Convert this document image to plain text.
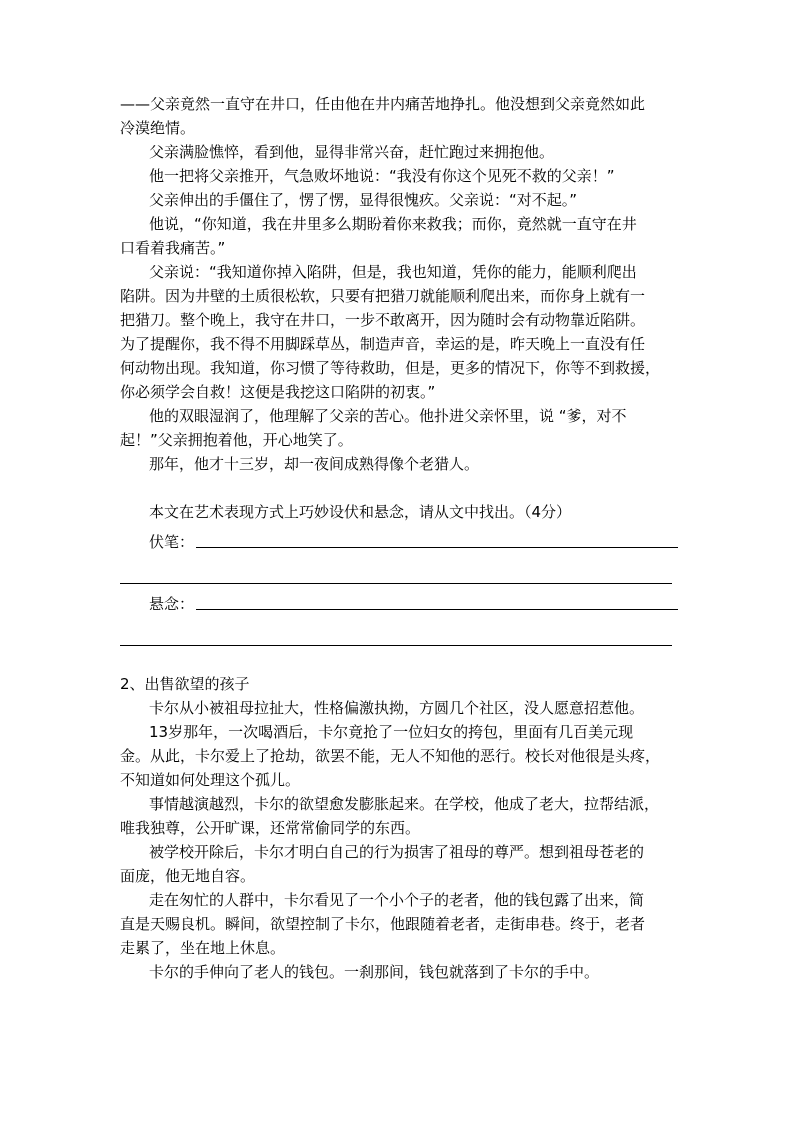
——父亲竟然一直守在井口，任由他在井内痛苦地挣扎。他没想到父亲竟然如此

冷漠绝情。

父亲满脸憔悴，看到他，显得非常兴奋，赶忙跑过来拥抱他。

他一把将父亲推开，气急败坏地说：“我没有你这个见死不救的父亲！”

父亲伸出的手僵住了，愣了愣，显得很愧疚。父亲说：“对不起。”

他说，“你知道，我在井里多么期盼着你来救我；而你，竟然就一直守在井

口看着我痛苦。”

父亲说：“我知道你掉入陷阱，但是，我也知道，凭你的能力，能顺利爬出

陷阱。因为井壁的土质很松软，只要有把猎刀就能顺利爬出来，而你身上就有一

把猎刀。整个晚上，我守在井口，一步不敢离开，因为随时会有动物靠近陷阱。

为了提醒你，我不得不用脚踩草丛，制造声音，幸运的是，昨天晚上一直没有任

何动物出现。我知道，你习惯了等待救助，但是，更多的情况下，你等不到救援，

你必须学会自救！这便是我挖这口陷阱的初衷。”

他的双眼湿润了，他理解了父亲的苦心。他扑进父亲怀里，说 “爹，对不

起！”父亲拥抱着他，开心地笑了。

那年，他才十三岁，却一夜间成熟得像个老猎人。

本文在艺术表现方式上巧妙设伏和悬念，请从文中找出。（4分）

伏笔：
悬念：

2、出售欲望的孩子

卡尔从小被祖母拉扯大，性格偏激执拗，方圆几个社区，没人愿意招惹他。

13岁那年，一次喝酒后，卡尔竟抢了一位妇女的挎包，里面有几百美元现

金。从此，卡尔爱上了抢劫，欲罢不能，无人不知他的恶行。校长对他很是头疼，

不知道如何处理这个孤儿。

事情越演越烈，卡尔的欲望愈发膨胀起来。在学校，他成了老大，拉帮结派，

唯我独尊，公开旷课，还常常偷同学的东西。

被学校开除后，卡尔才明白自己的行为损害了祖母的尊严。想到祖母苍老的

面庞，他无地自容。

走在匆忙的人群中，卡尔看见了一个小个子的老者，他的钱包露了出来，简

直是天赐良机。瞬间，欲望控制了卡尔，他跟随着老者，走街串巷。终于，老者

走累了，坐在地上休息。

卡尔的手伸向了老人的钱包。一刹那间，钱包就落到了卡尔的手中。
